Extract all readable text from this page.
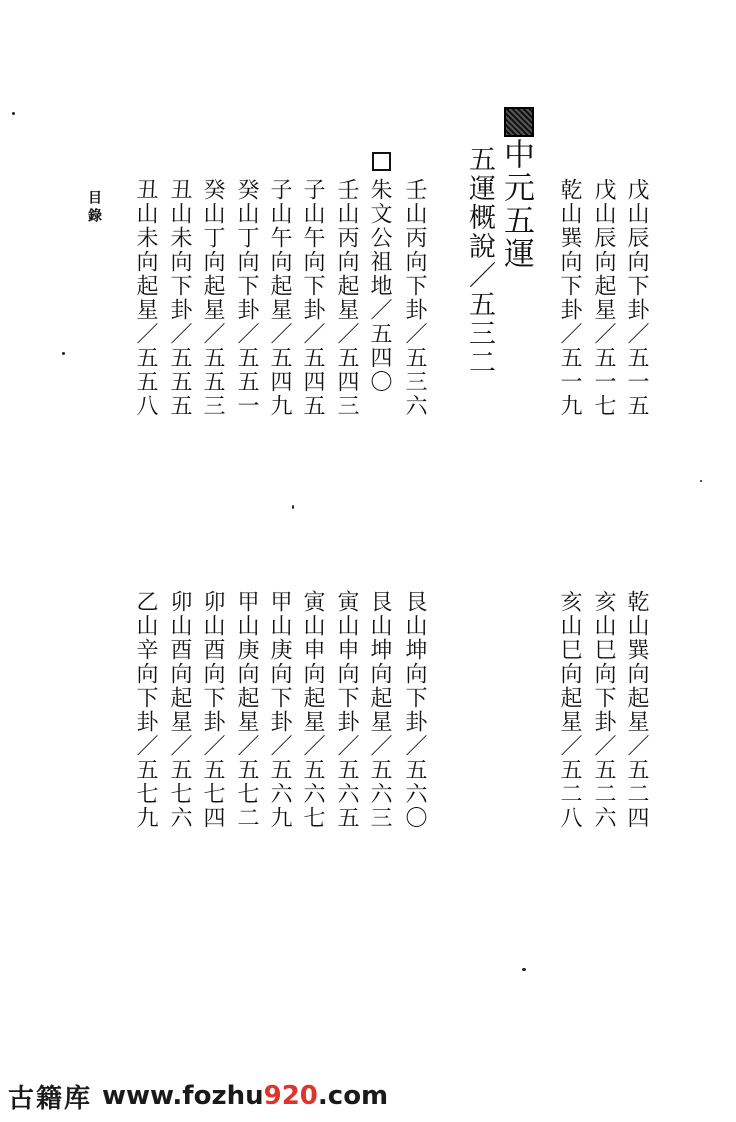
目錄	戊山辰向下卦／五一五
戊山辰向起星／五一七
乾山巽向下卦／五一九
中元五運
五運概說／五三二
壬山丙向下卦／五三六
朱文公祖地／五四〇
壬山丙向起星／五四三
子山午向下卦／五四五
子山午向起星／五四九
癸山丁向下卦／五五一
癸山丁向起星／五五三
丑山未向下卦／五五五
丑山未向起星／五五八
乾山巽向起星／五二四
亥山巳向下卦／五二六
亥山巳向起星／五二八
艮山坤向下卦／五六〇
艮山坤向起星／五六三
寅山申向下卦／五六五
寅山申向起星／五六七
甲山庚向下卦／五六九
甲山庚向起星／五七二
卯山酉向下卦／五七四
卯山酉向起星／五七六
乙山辛向下卦／五七九
古籍库 www.fozhu920.com
